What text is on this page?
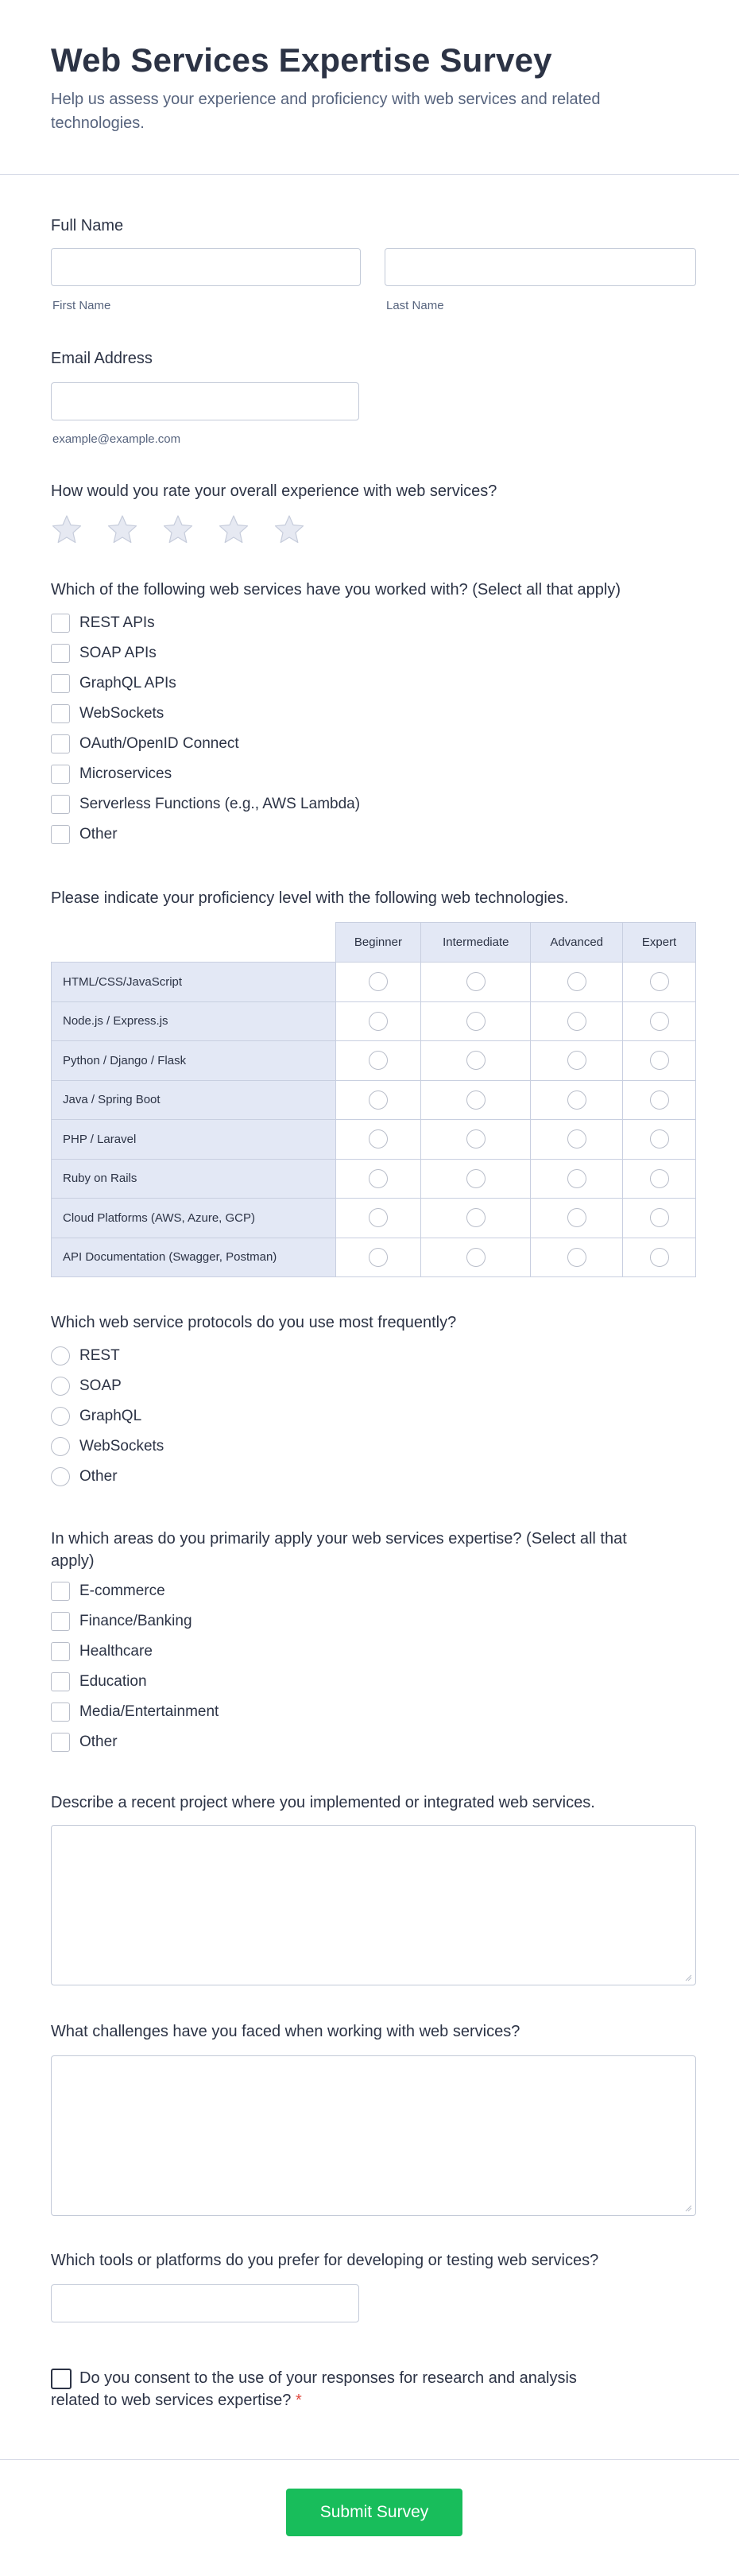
Web Services Expertise Survey

Help us assess your experience and proficiency with web services and related technologies.

Full Name
First Name	Last Name
Email Address
example@example.com
How would you rate your overall experience with web services?
Which of the following web services have you worked with? (Select all that apply)
REST APIs
SOAP APIs
GraphQL APIs
WebSockets
OAuth/OpenID Connect
Microservices
Serverless Functions (e.g., AWS Lambda)
Other
Please indicate your proficiency level with the following web technologies.
	Beginner	Intermediate	Advanced	Expert
HTML/CSS/JavaScript	

Node.js / Express.js	

Python / Django / Flask	

Java / Spring Boot	

PHP / Laravel	

Ruby on Rails	

Cloud Platforms (AWS, Azure, GCP)	

API Documentation (Swagger, Postman)	

Which web service protocols do you use most frequently?
REST
SOAP
GraphQL
WebSockets
Other
In which areas do you primarily apply your web services expertise? (Select all that apply)
E-commerce
Finance/Banking
Healthcare
Education
Media/Entertainment
Other
Describe a recent project where you implemented or integrated web services.
What challenges have you faced when working with web services?
Which tools or platforms do you prefer for developing or testing web services?
Do you consent to the use of your responses for research and analysis related to web services expertise? *
Submit Survey
